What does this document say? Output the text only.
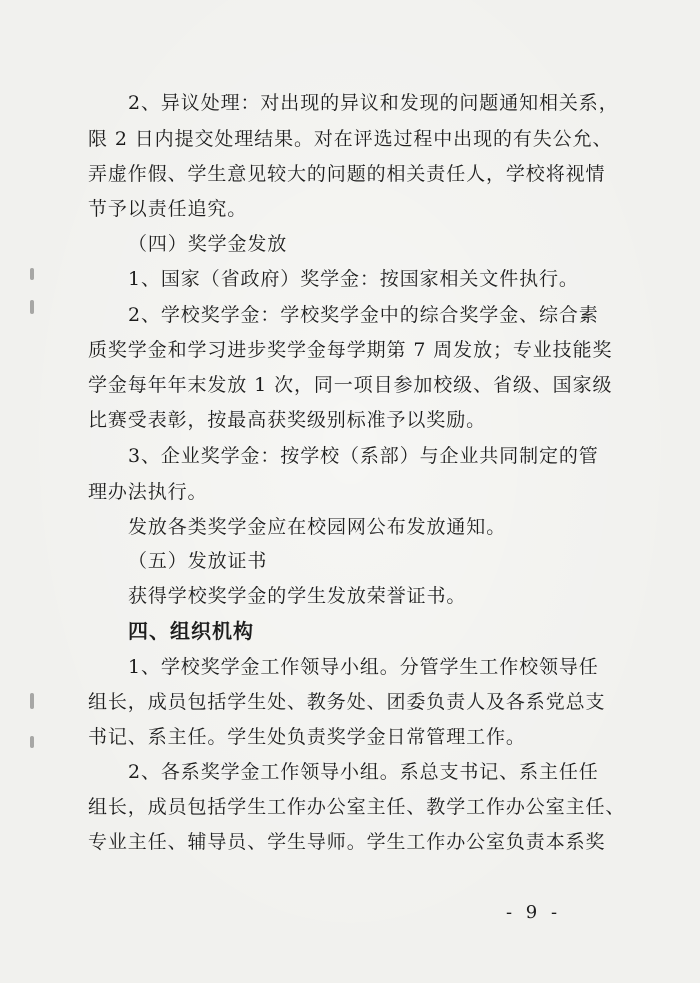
2、异议处理：对出现的异议和发现的问题通知相关系，
限 2 日内提交处理结果。对在评选过程中出现的有失公允、
弄虚作假、学生意见较大的问题的相关责任人，学校将视情
节予以责任追究。
（四）奖学金发放
1、国家（省政府）奖学金：按国家相关文件执行。
2、学校奖学金：学校奖学金中的综合奖学金、综合素
质奖学金和学习进步奖学金每学期第 7 周发放；专业技能奖
学金每年年末发放 1 次，同一项目参加校级、省级、国家级
比赛受表彰，按最高获奖级别标准予以奖励。
3、企业奖学金：按学校（系部）与企业共同制定的管
理办法执行。
发放各类奖学金应在校园网公布发放通知。
（五）发放证书
获得学校奖学金的学生发放荣誉证书。
四、组织机构
1、学校奖学金工作领导小组。分管学生工作校领导任
组长，成员包括学生处、教务处、团委负责人及各系党总支
书记、系主任。学生处负责奖学金日常管理工作。
2、各系奖学金工作领导小组。系总支书记、系主任任
组长，成员包括学生工作办公室主任、教学工作办公室主任、
专业主任、辅导员、学生导师。学生工作办公室负责本系奖
- 9 -
